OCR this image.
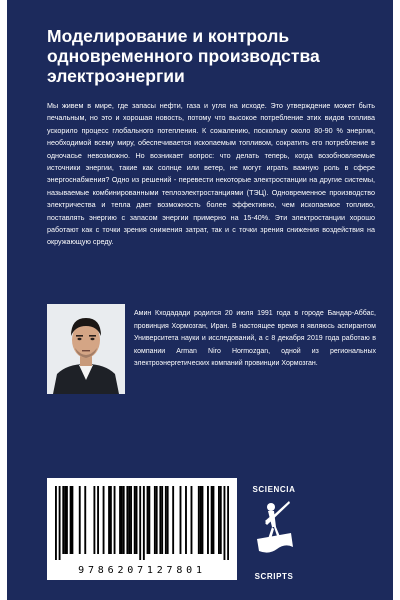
Моделирование и контроль
одновременного производства
электроэнергии

Мы живем в мире, где запасы нефти, газа и угля на исходе. Это утверждение может быть печальным, но это и хорошая новость, потому что высокое потребление этих видов топлива ускорило процесс глобального потепления. К сожалению, поскольку около 80-90 % энергии, необходимой всему миру, обеспечивается ископаемым топливом, сократить его потребление в одночасье невозможно. Но возникает вопрос: что делать теперь, когда возобновляемые источники энергии, такие как солнце или ветер, не могут играть важную роль в сфере энергоснабжения? Одно из решений - перевести некоторые электростанции на другие системы, называемые комбинированными теплоэлектростанциями (ТЭЦ). Одновременное производство электричества и тепла дает возможность более эффективно, чем ископаемое топливо, поставлять энергию с запасом энергии примерно на 15-40%. Эти электростанции хорошо работают как с точки зрения снижения затрат, так и с точки зрения снижения воздействия на окружающую среду.

Амин Кходадади родился 20 июля 1991 года в городе Бандар-Аббас, провинция Хормозган, Иран. В настоящее время я являюсь аспирантом Университета науки и исследований, а с 8 декабря 2019 года работаю в компании Arman Niro Hormozgan, одной из региональных электроэнергетических компаний провинции Хормозган.

9786207127801
SCIENCIA
SCRIPTS
